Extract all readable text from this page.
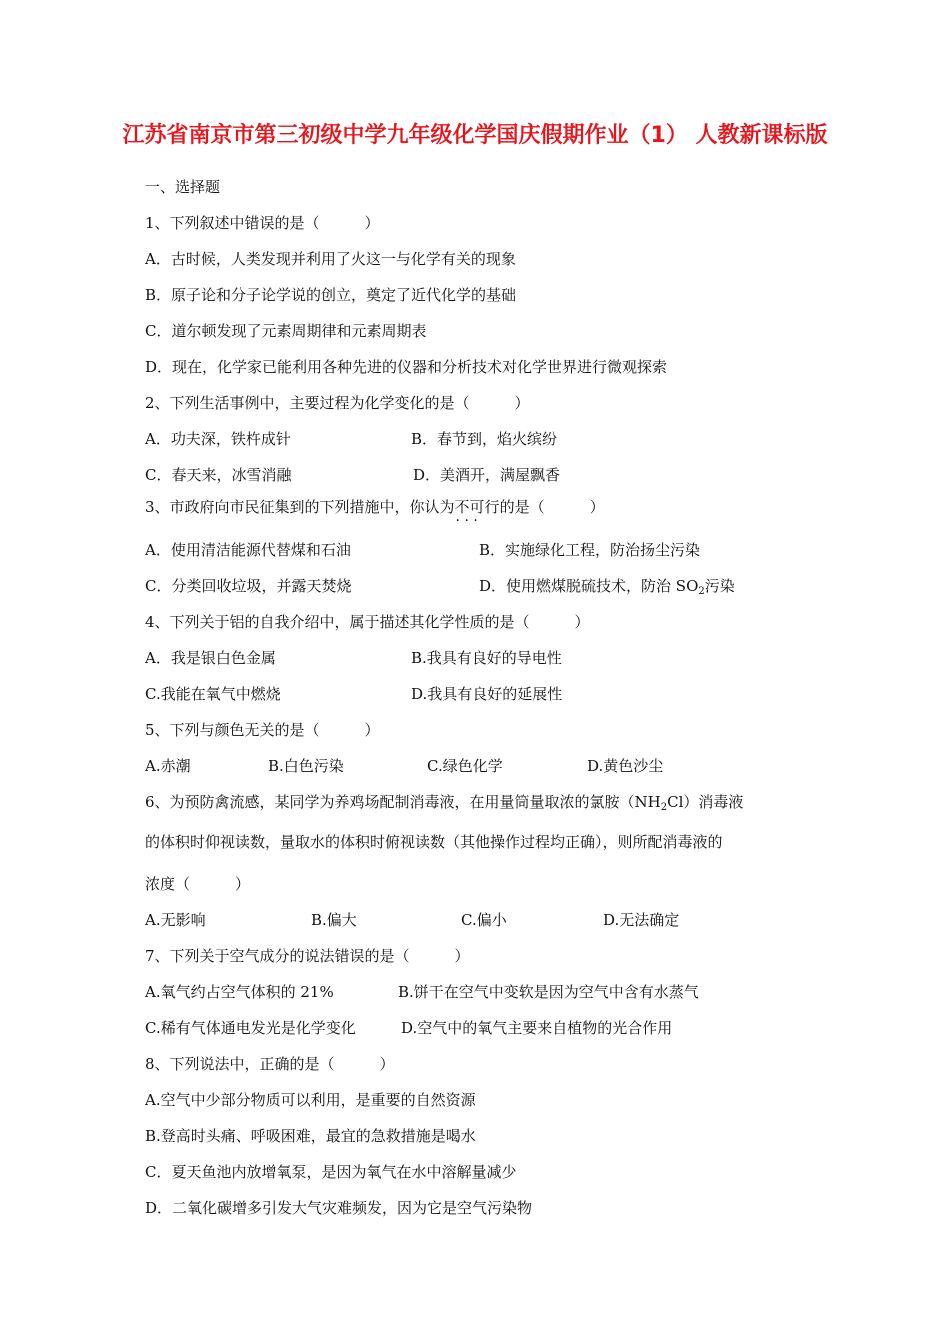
江苏省南京市第三初级中学九年级化学国庆假期作业（1） 人教新课标版
一、选择题
1、下列叙述中错误的是（　　　）
A．古时候，人类发现并利用了火这一与化学有关的现象
B．原子论和分子论学说的创立，奠定了近代化学的基础
C．道尔顿发现了元素周期律和元素周期表
D．现在，化学家已能利用各种先进的仪器和分析技术对化学世界进行微观探索
2、下列生活事例中，主要过程为化学变化的是（　　　）
A．功夫深，铁杵成针	B．春节到，焰火缤纷
C．春天来，冰雪消融	D．美酒开，满屋飘香
3、市政府向市民征集到的下列措施中，你认为不可行 · · ·的是（　　　）
A．使用清洁能源代替煤和石油	B．实施绿化工程，防治扬尘污染
C．分类回收垃圾，并露天焚烧	D．使用燃煤脱硫技术，防治 $SO_2$污染
4、下列关于铝的自我介绍中，属于描述其化学性质的是（　　　）
A．我是银白色金属	B.我具有良好的导电性
C.我能在氧气中燃烧	D.我具有良好的延展性
5、下列与颜色无关的是（　　　）
A.赤潮	B.白色污染	C.绿色化学	D.黄色沙尘
6、为预防禽流感，某同学为养鸡场配制消毒液，在用量筒量取浓的氯胺$(NH_2Cl)$消毒液
的体积时仰视读数，量取水的体积时俯视读数（其他操作过程均正确），则所配消毒液的
浓度（　　　）
A.无影响	B.偏大	C.偏小	D.无法确定
7、下列关于空气成分的说法错误的是（　　　）
A.氧气约占空气体积的 21%	B.饼干在空气中变软是因为空气中含有水蒸气
C.稀有气体通电发光是化学变化	D.空气中的氧气主要来自植物的光合作用
8、下列说法中，正确的是（　　　）
A.空气中少部分物质可以利用，是重要的自然资源
B.登高时头痛、呼吸困难，最宜的急救措施是喝水
C．夏天鱼池内放增氧泵，是因为氧气在水中溶解量减少
D．二氧化碳增多引发大气灾难频发，因为它是空气污染物
